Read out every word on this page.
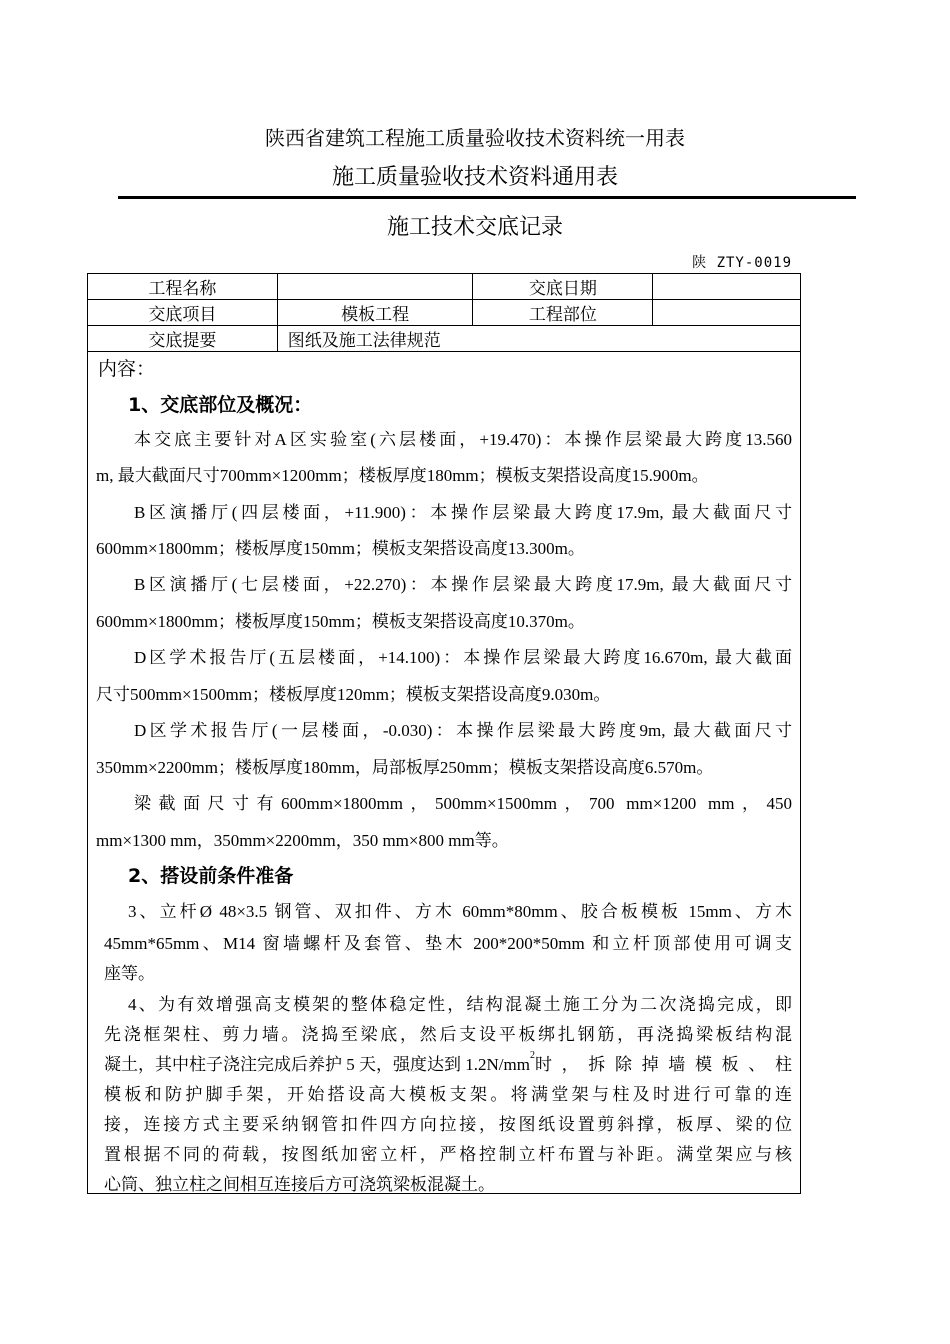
陕西省建筑工程施工质量验收技术资料统一用表
施工质量验收技术资料通用表
施工技术交底记录
陕 ZTY-0019
工程名称		交底日期	
交底项目	模板工程	工程部位	
交底提要	图纸及施工法律规范		
内容：
1、交底部位及概况：
本交底主要针对A区实验室(六层楼面，+19.470)：本操作层梁最大跨度13.560
m, 最大截面尺寸700mm×1200mm；楼板厚度180mm；模板支架搭设高度15.900m。
B区演播厅(四层楼面，+11.900)：本操作层梁最大跨度17.9m, 最大截面尺寸
600mm×1800mm；楼板厚度150mm；模板支架搭设高度13.300m。
B区演播厅(七层楼面，+22.270)：本操作层梁最大跨度17.9m, 最大截面尺寸
600mm×1800mm；楼板厚度150mm；模板支架搭设高度10.370m。
D区学术报告厅(五层楼面，+14.100)：本操作层梁最大跨度16.670m, 最大截面
尺寸500mm×1500mm；楼板厚度120mm；模板支架搭设高度9.030m。
D区学术报告厅(一层楼面，-0.030)：本操作层梁最大跨度9m, 最大截面尺寸
350mm×2200mm；楼板厚度180mm，局部板厚250mm；模板支架搭设高度6.570m。
梁截面尺寸有600mm×1800mm，500mm×1500mm，700 mm×1200 mm，450
mm×1300 mm，350mm×2200mm，350 mm×800 mm等。
2、搭设前条件准备
3、立杆Ø 48×3.5 钢管、双扣件、方木 60mm*80mm、胶合板模板 15mm、方木
45mm*65mm、M14 窗墙螺杆及套管、垫木 200*200*50mm 和立杆顶部使用可调支
座等。
4、为有效增强高支模架的整体稳定性，结构混凝土施工分为二次浇捣完成，即
先浇框架柱、剪力墙。浇捣至梁底，然后支设平板绑扎钢筋，再浇捣梁板结构混
凝土，其中柱子浇注完成后养护 5 天，强度达到 1.2N/mm 2 时，拆除掉墙模板、柱
模板和防护脚手架，开始搭设高大模板支架。将满堂架与柱及时进行可靠的连
接，连接方式主要采纳钢管扣件四方向拉接，按图纸设置剪斜撑，板厚、梁的位
置根据不同的荷载，按图纸加密立杆，严格控制立杆布置与补距。满堂架应与核
心筒、独立柱之间相互连接后方可浇筑梁板混凝土。
